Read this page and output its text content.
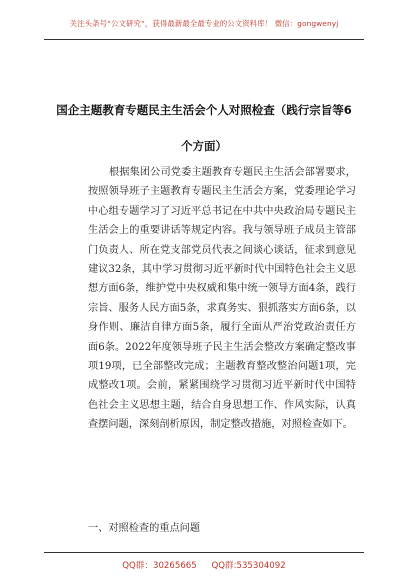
关注头条号“公文研究”，获得最新最全最专业的公文资料库！ 微信：gongwenyj
国企主题教育专题民主生活会个人对照检查（践行宗旨等6
个方面）

根据集团公司党委主题教育专题民主生活会部署要求，按照领导班子主题教育专题民主生活会方案，党委理论学习中心组专题学习了习近平总书记在中共中央政治局专题民主生活会上的重要讲话等规定内容。我与领导班子成员主管部门负责人、所在党支部党员代表之间谈心谈话，征求到意见建议32条，其中学习贯彻习近平新时代中国特色社会主义思想方面6条，维护党中央权威和集中统一领导方面4条，践行宗旨、服务人民方面5条，求真务实、狠抓落实方面6条，以身作则、廉洁自律方面5条，履行全面从严治党政治责任方面6条。2022年度领导班子民主生活会整改方案确定整改事项19项，已全部整改完成；主题教育整改整治问题1项，完成整改1项。会前，紧紧围绕学习贯彻习近平新时代中国特色社会主义思想主题，结合自身思想工作、作风实际，认真查摆问题，深刻剖析原因，制定整改措施，对照检查如下。

一、对照检查的重点问题
QQ群：30265665 QQ群:535304092
